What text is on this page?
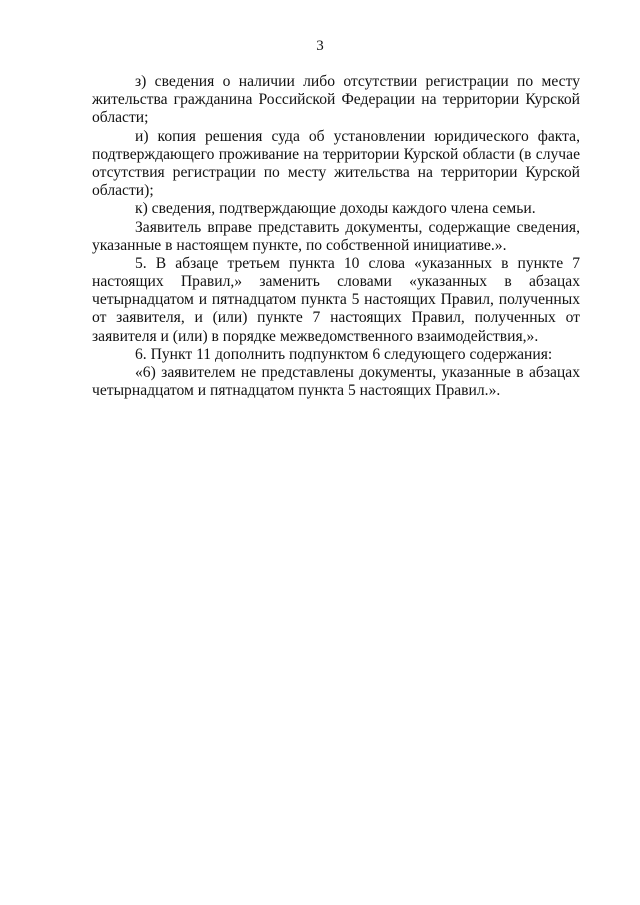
3
з) сведения о наличии либо отсутствии регистрации по месту
жительства гражданина Российской Федерации на территории Курской
области;
и) копия решения суда об установлении юридического факта,
подтверждающего проживание на территории Курской области (в случае
отсутствия регистрации по месту жительства на территории Курской
области);
к) сведения, подтверждающие доходы каждого члена семьи.
Заявитель вправе представить документы, содержащие сведения,
указанные в настоящем пункте, по собственной инициативе.».
5. В абзаце третьем пункта 10 слова «указанных в пункте 7
настоящих Правил,» заменить словами «указанных в абзацах
четырнадцатом и пятнадцатом пункта 5 настоящих Правил, полученных
от заявителя, и (или) пункте 7 настоящих Правил, полученных от
заявителя и (или) в порядке межведомственного взаимодействия,».
6. Пункт 11 дополнить подпунктом 6 следующего содержания:
«6) заявителем не представлены документы, указанные в абзацах
четырнадцатом и пятнадцатом пункта 5 настоящих Правил.».
